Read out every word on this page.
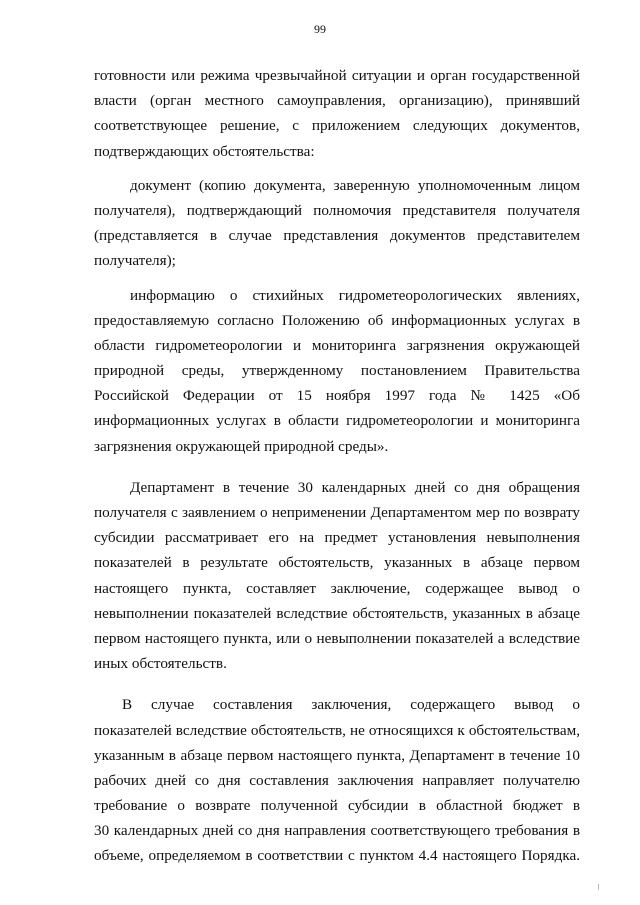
99
готовности или режима чрезвычайной ситуации и орган государственной
власти (орган местного самоуправления, организацию), принявший
соответствующее решение, с приложением следующих документов,
подтверждающих обстоятельства:
документ (копию документа, заверенную уполномоченным лицом
получателя), подтверждающий полномочия представителя получателя
(представляется в случае представления документов представителем
получателя);
информацию о стихийных гидрометеорологических явлениях,
предоставляемую согласно Положению об информационных услугах в
области гидрометеорологии и мониторинга загрязнения окружающей
природной среды, утвержденному постановлением Правительства
Российской Федерации от 15 ноября 1997 года № 1425 «Об
информационных услугах в области гидрометеорологии и мониторинга
загрязнения окружающей природной среды».
Департамент в течение 30 календарных дней со дня обращения
получателя с заявлением о неприменении Департаментом мер по возврату
субсидии рассматривает его на предмет установления невыполнения
показателей в результате обстоятельств, указанных в абзаце первом
настоящего пункта, составляет заключение, содержащее вывод о
невыполнении показателей вследствие обстоятельств, указанных в абзаце
первом настоящего пункта, или о невыполнении показателей а вследствие
иных обстоятельств.
В случае составления заключения, содержащего вывод о
показателей вследствие обстоятельств, не относящихся к обстоятельствам,
указанным в абзаце первом настоящего пункта, Департамент в течение 10
рабочих дней со дня составления заключения направляет получателю
требование о возврате полученной субсидии в областной бюджет в
30 календарных дней со дня направления соответствующего требования в
объеме, определяемом в соответствии с пунктом 4.4 настоящего Порядка.
